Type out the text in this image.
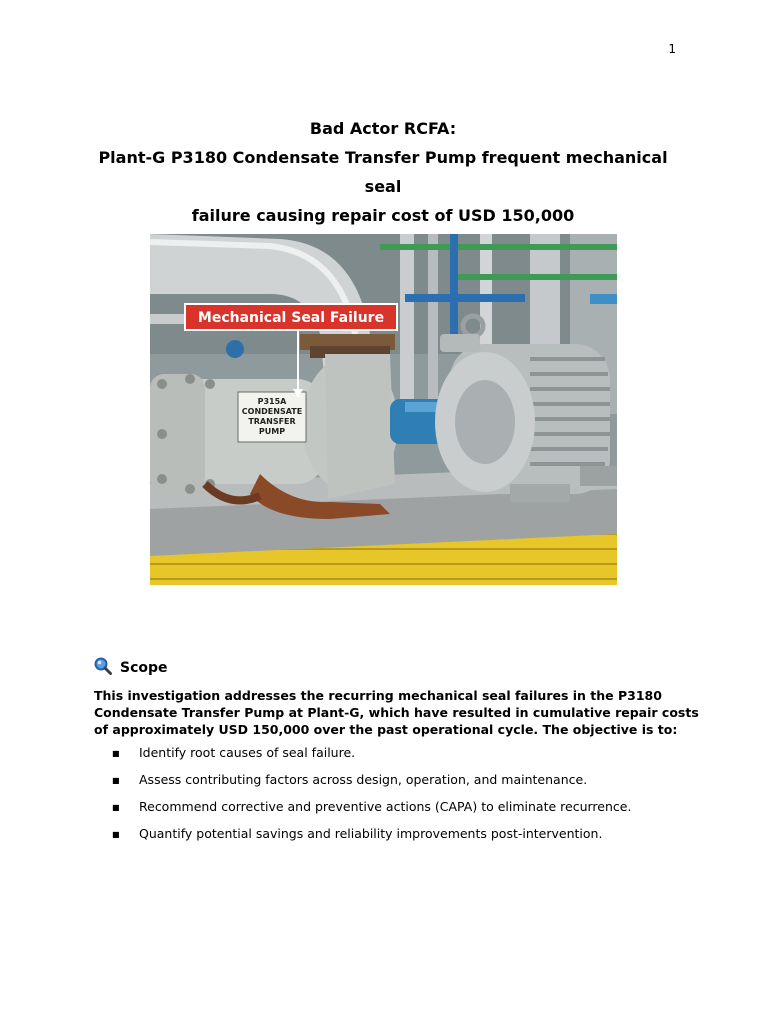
1
Bad Actor RCFA:
Plant-G P3180 Condensate Transfer Pump frequent mechanical seal
failure causing repair cost of USD 150,000
P315A
CONDENSATE
TRANSFER
PUMP
Mechanical Seal Failure
Scope
This investigation addresses the recurring mechanical seal failures in the P3180
Condensate Transfer Pump at Plant-G, which have resulted in cumulative repair costs
of approximately USD 150,000 over the past operational cycle. The objective is to:
■	Identify root causes of seal failure.
■	Assess contributing factors across design, operation, and maintenance.
■	Recommend corrective and preventive actions (CAPA) to eliminate recurrence.
■	Quantify potential savings and reliability improvements post-intervention.
